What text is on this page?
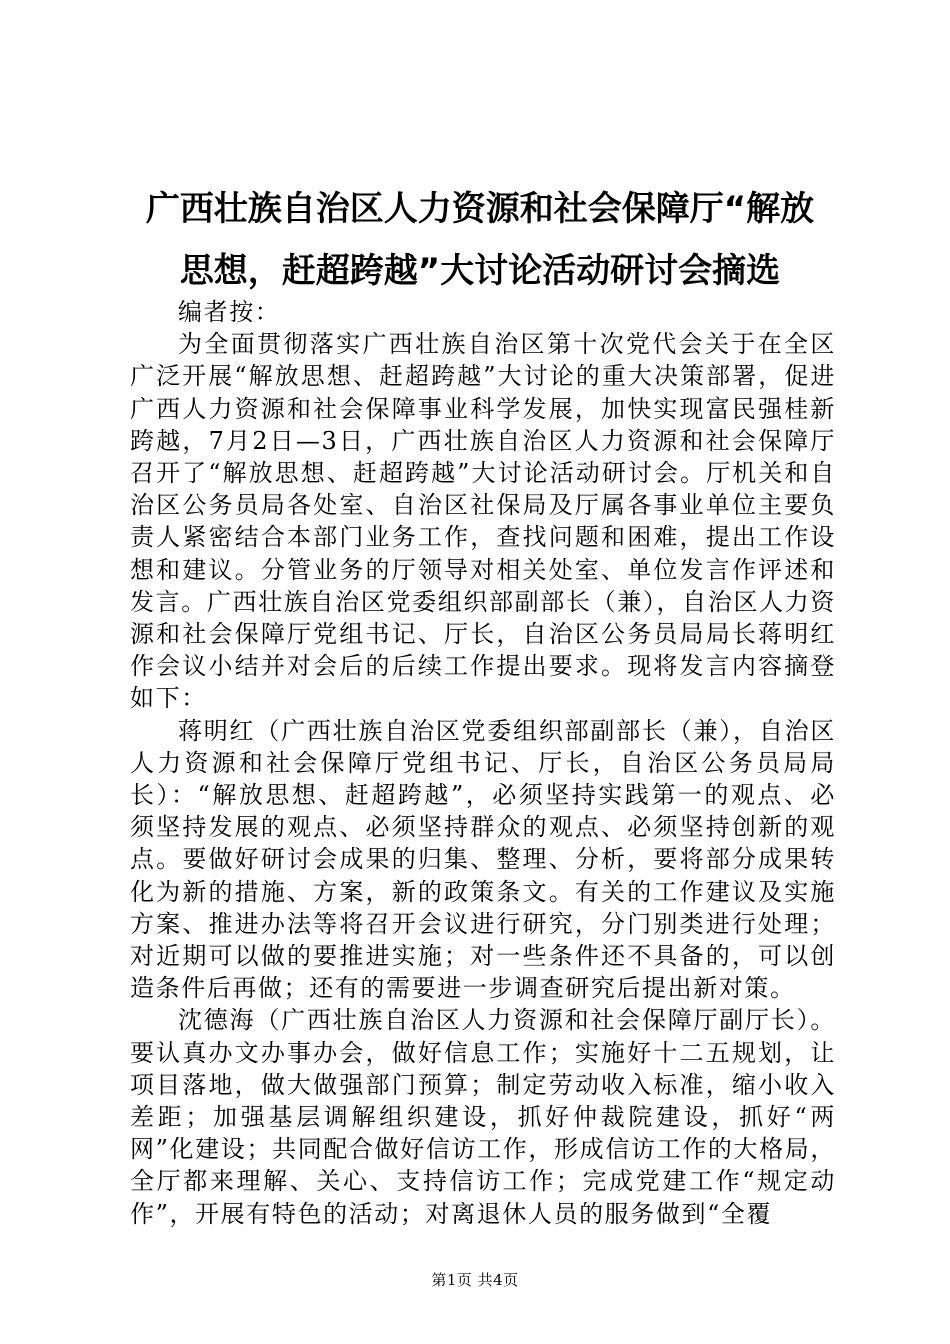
广西壮族自治区人力资源和社会保障厅“解放
思想，赶超跨越”大讨论活动研讨会摘选

编者按：

为全面贯彻落实广西壮族自治区第十次党代会关于在全区广泛开展“解放思想、赶超跨越”大讨论的重大决策部署，促进广西人力资源和社会保障事业科学发展，加快实现富民强桂新跨越，7月2日—3日，广西壮族自治区人力资源和社会保障厅召开了“解放思想、赶超跨越”大讨论活动研讨会。厅机关和自治区公务员局各处室、自治区社保局及厅属各事业单位主要负责人紧密结合本部门业务工作，查找问题和困难，提出工作设想和建议。分管业务的厅领导对相关处室、单位发言作评述和发言。广西壮族自治区党委组织部副部长（兼），自治区人力资源和社会保障厅党组书记、厅长，自治区公务员局局长蒋明红作会议小结并对会后的后续工作提出要求。现将发言内容摘登如下：

蒋明红（广西壮族自治区党委组织部副部长（兼），自治区人力资源和社会保障厅党组书记、厅长，自治区公务员局局长）：“解放思想、赶超跨越”，必须坚持实践第一的观点、必须坚持发展的观点、必须坚持群众的观点、必须坚持创新的观点。要做好研讨会成果的归集、整理、分析，要将部分成果转化为新的措施、方案，新的政策条文。有关的工作建议及实施方案、推进办法等将召开会议进行研究，分门别类进行处理；对近期可以做的要推进实施；对一些条件还不具备的，可以创造条件后再做；还有的需要进一步调查研究后提出新对策。

沈德海（广西壮族自治区人力资源和社会保障厅副厅长）。要认真办文办事办会，做好信息工作；实施好十二五规划，让项目落地，做大做强部门预算；制定劳动收入标准，缩小收入差距；加强基层调解组织建设，抓好仲裁院建设，抓好“两网”化建设；共同配合做好信访工作，形成信访工作的大格局，全厅都来理解、关心、支持信访工作；完成党建工作“规定动作”，开展有特色的活动；对离退休人员的服务做到“全覆

第1页 共4页
